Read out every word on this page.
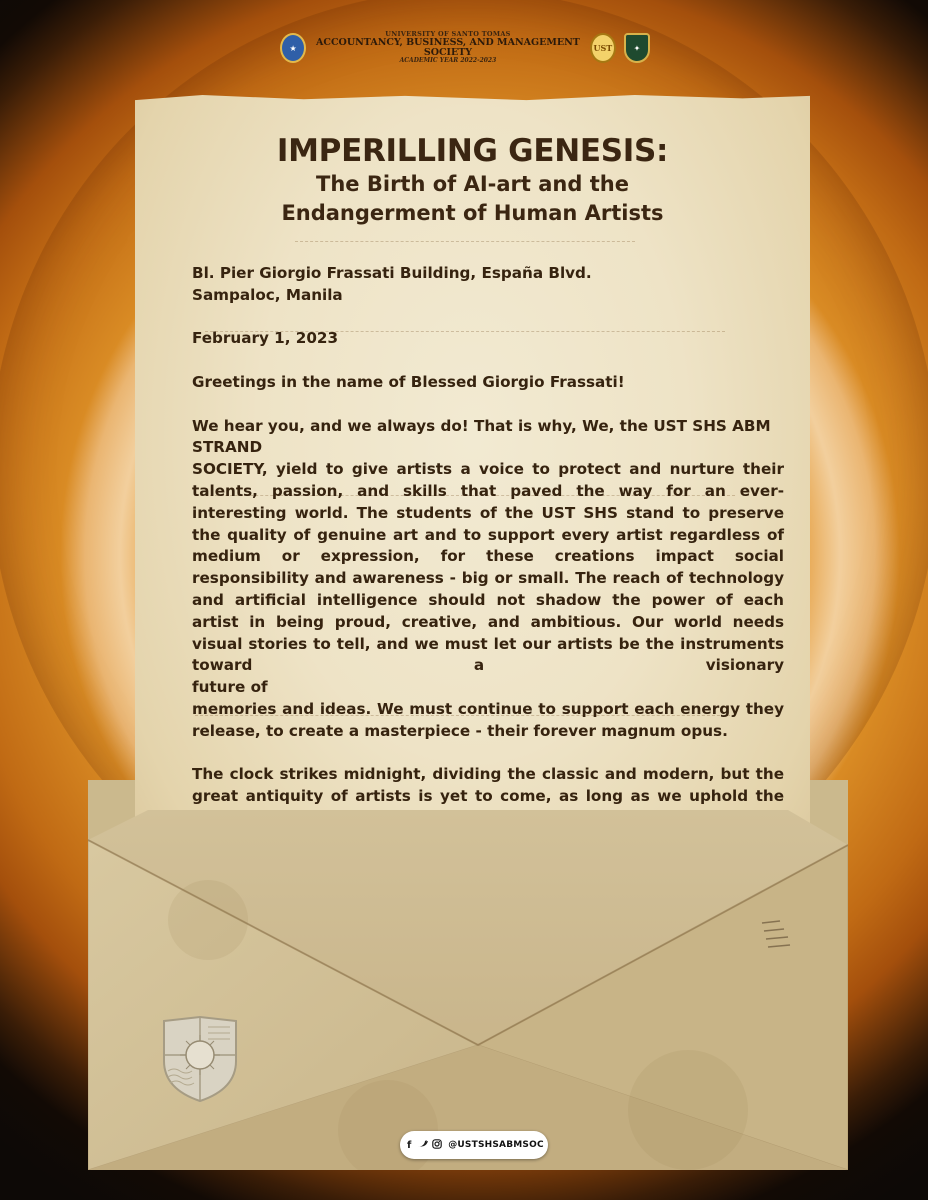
★
UNIVERSITY OF SANTO TOMAS
ACCOUNTANCY, BUSINESS, AND MANAGEMENT SOCIETY
ACADEMIC YEAR 2022-2023
UST	✦
IMPERILLING GENESIS:
The Birth of AI-art and the
Endangerment of Human Artists

Bl. Pier Giorgio Frassati Building, España Blvd.

Sampaloc, Manila

February 1, 2023

Greetings in the name of Blessed Giorgio Frassati!

We hear you, and we always do! That is why, We, the UST SHS ABM

STRAND

SOCIETY, yield to give artists a voice to protect and nurture their talents, passion, and skills that paved the way for an ever-interesting world. The students of the UST SHS stand to preserve the quality of genuine art and to support every artist regardless of medium or expression, for these creations impact social responsibility and awareness - big or small. The reach of technology and artificial intelligence should not shadow the power of each artist in being proud, creative, and ambitious. Our world needs visual stories to tell, and we must let our artists be the instruments toward a visionary

future of

memories and ideas. We must continue to support each energy they release, to create a masterpiece - their forever magnum opus.

The clock strikes midnight, dividing the classic and modern, but the great antiquity of artists is yet to come, as long as we uphold the

f	@USTSHSABMSOC
